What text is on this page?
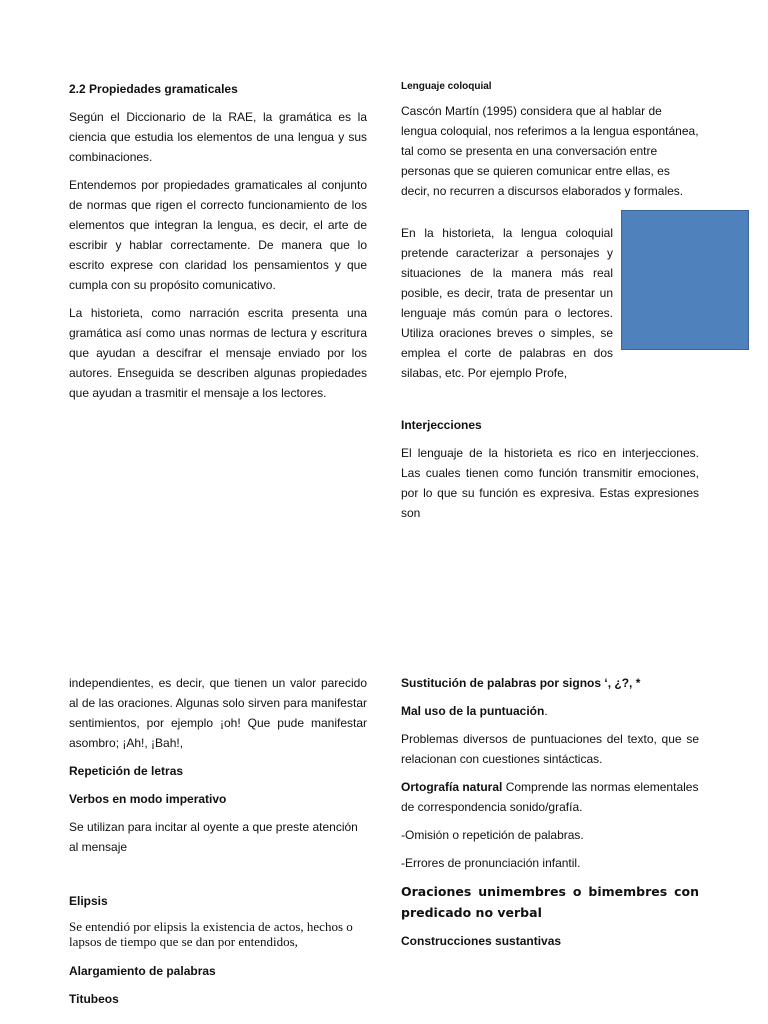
2.2 Propiedades gramaticales

Según el Diccionario de la RAE, la gramática es la ciencia que estudia los elementos de una lengua y sus combinaciones.

Entendemos por propiedades gramaticales al conjunto de normas que rigen el correcto funcionamiento de los elementos que integran la lengua, es decir, el arte de escribir y hablar correctamente. De manera que lo escrito exprese con claridad los pensamientos y que cumpla con su propósito comunicativo.

La historieta, como narración escrita presenta una gramática así como unas normas de lectura y escritura que ayudan a descifrar el mensaje enviado por los autores. Enseguida se describen algunas propiedades que ayudan a trasmitir el mensaje a los lectores.

Lenguaje coloquial

Cascón Martín (1995) considera que al hablar de lengua coloquial, nos referimos a la lengua espontánea, tal como se presenta en una conversación entre personas que se quieren comunicar entre ellas, es decir, no recurren a discursos elaborados y formales.

En la historieta, la lengua coloquial pretende caracterizar a personajes y situaciones de la manera más real posible, es decir, trata de presentar un lenguaje más común para o lectores. Utiliza oraciones breves o simples, se emplea el corte de palabras en dos silabas, etc. Por ejemplo Profe,

Interjecciones

El lenguaje de la historieta es rico en interjecciones. Las cuales tienen como función transmitir emociones, por lo que su función es expresiva. Estas expresiones son

independientes, es decir, que tienen un valor parecido al de las oraciones. Algunas solo sirven para manifestar sentimientos, por ejemplo ¡oh! Que pude manifestar asombro; ¡Ah!, ¡Bah!,

Repetición de letras

Verbos en modo imperativo

Se utilizan para incitar al oyente a que preste atención al mensaje

Elipsis

Se entendió por elipsis la existencia de actos, hechos o lapsos de tiempo que se dan por entendidos,

Alargamiento de palabras

Titubeos

Sustitución de palabras por signos ‘, ¿?, *

Mal uso de la puntuación.

Problemas diversos de puntuaciones del texto, que se relacionan con cuestiones sintácticas.

Ortografía natural Comprende las normas elementales de correspondencia sonido/grafía.

-Omisión o repetición de palabras.

-Errores de pronunciación infantil.

Oraciones unimembres o bimembres con predicado no verbal

Construcciones sustantivas
